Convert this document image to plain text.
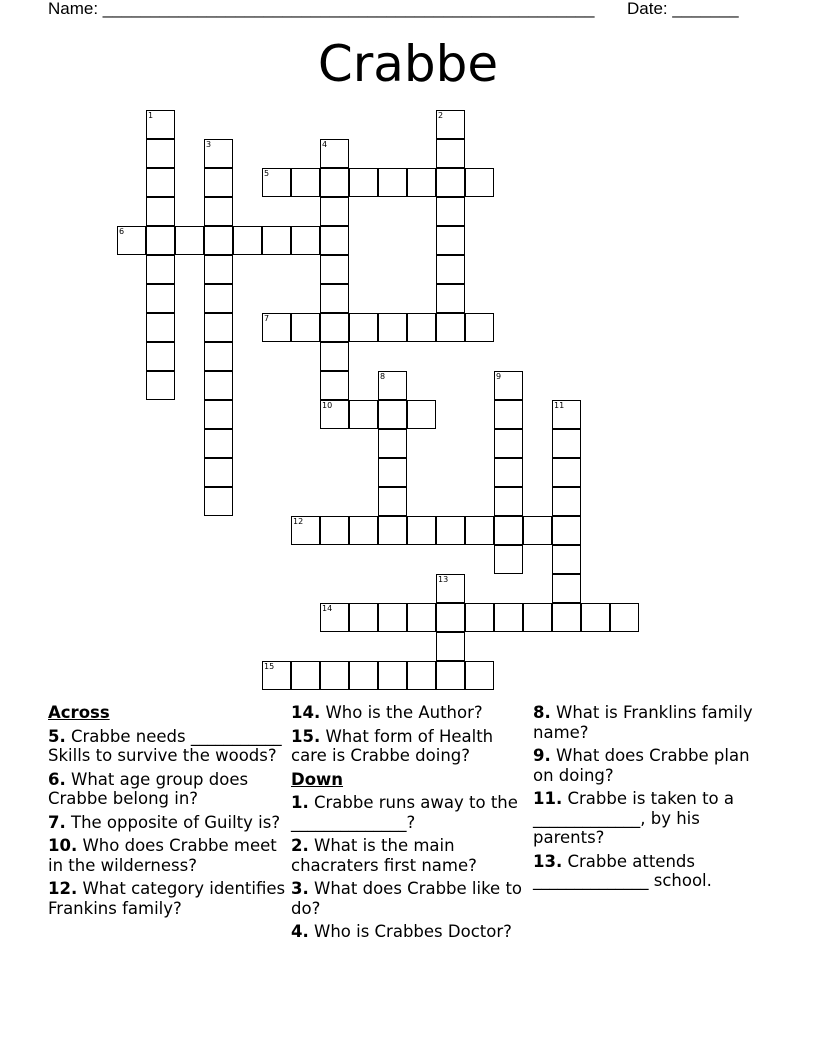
Name: ____________________________________________________ Date: _______
Crabbe
1	2
3	4
5
6
7
8	9
10	11
12
13
14
15
Across
5. Crabbe needs ___________ Skills to survive the woods?
6. What age group does Crabbe belong in?
7. The opposite of Guilty is?
10. Who does Crabbe meet in the wilderness?
12. What category identifies Frankins family?
14. Who is the Author?
15. What form of Health care is Crabbe doing?
Down
1. Crabbe runs away to the ______________?
2. What is the main chacraters first name?
3. What does Crabbe like to do?
4. Who is Crabbes Doctor?
8. What is Franklins family name?
9. What does Crabbe plan on doing?
11. Crabbe is taken to a _____________, by his parents?
13. Crabbe attends ______________ school.
